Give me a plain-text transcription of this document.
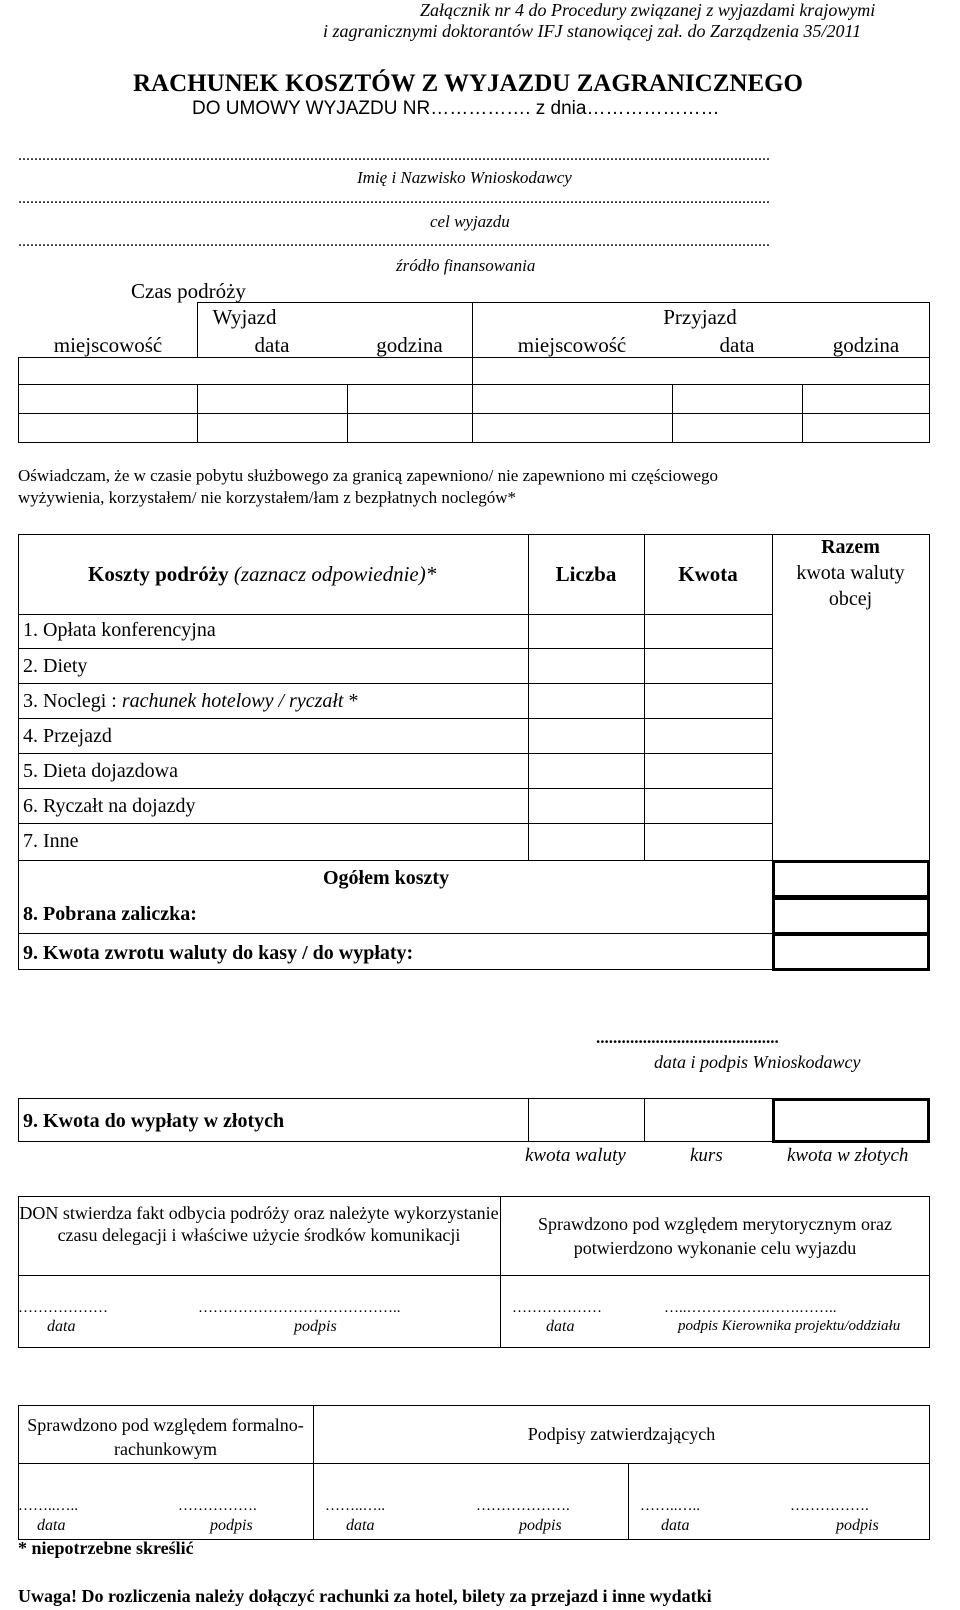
Załącznik nr 4 do Procedury związanej z wyjazdami krajowymi
i zagranicznymi doktorantów IFJ stanowiącej zał. do Zarządzenia 35/2011
RACHUNEK KOSZTÓW Z WYJAZDU ZAGRANICZNEGO
DO UMOWY WYJAZDU NR……………. z dnia…………………
............................................................................................................................................................................................
Imię i Nazwisko Wnioskodawcy
............................................................................................................................................................................................
cel wyjazdu
............................................................................................................................................................................................
źródło finansowania
Czas podróży
Wyjazd	Przyjazd
miejscowość	data	godzina	miejscowość	data	godzina
Oświadczam, że w czasie pobytu służbowego za granicą zapewniono/ nie zapewniono mi częściowego
wyżywienia, korzystałem/ nie korzystałem/łam z bezpłatnych noclegów*
Koszty podróży (zaznacz odpowiednie)*	Liczba	Kwota
Razem
kwota waluty
obcej
1. Opłata konferencyjna
2. Diety
3. Noclegi : rachunek hotelowy / ryczałt *
4. Przejazd
5. Dieta dojazdowa
6. Ryczałt na dojazdy
7. Inne
Ogółem koszty
8. Pobrana zaliczka:
9. Kwota zwrotu waluty do kasy / do wypłaty:
...........................................
data i podpis Wnioskodawcy
9. Kwota do wypłaty w złotych
kwota waluty	kurs	kwota w złotych
DON stwierdza fakt odbycia podróży oraz należyte wykorzystanie czasu delegacji i właściwe użycie środków komunikacji
Sprawdzono pod względem merytorycznym oraz potwierdzono wykonanie celu wyjazdu
………………	…………………………………..
data	podpis
………………	…..…………….…….……..
data	podpis Kierownika projektu/oddziału
Sprawdzono pod względem formalno-rachunkowym
Podpisy zatwierdzających
……..…..	…………….
data	podpis
……..…..	……………….
data	podpis
……..…..	…………….
data	podpis
* niepotrzebne skreślić
Uwaga! Do rozliczenia należy dołączyć rachunki za hotel, bilety za przejazd i inne wydatki
